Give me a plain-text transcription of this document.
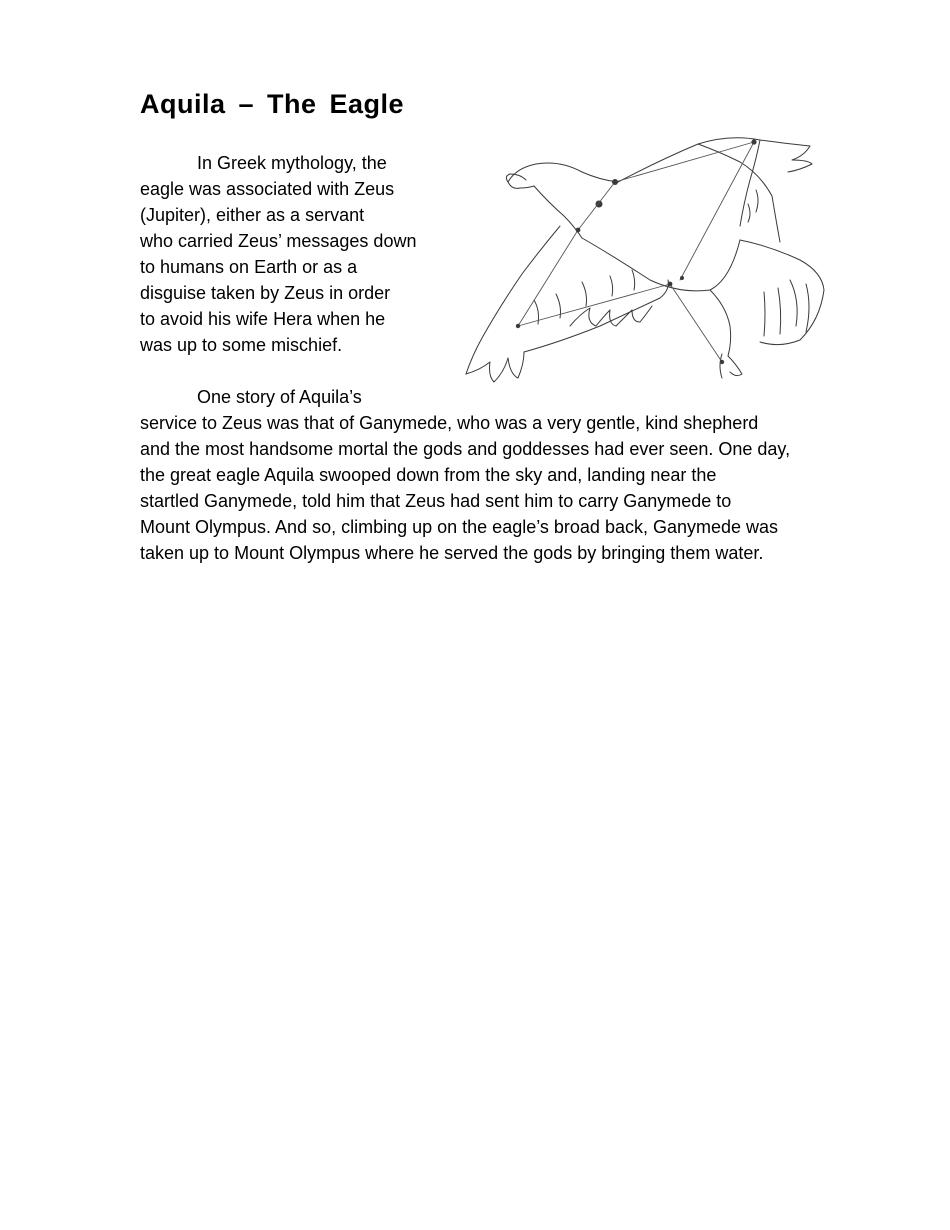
Aquila – The Eagle

In Greek mythology, the

eagle was associated with Zeus

(Jupiter), either as a servant

who carried Zeus’ messages down

to humans on Earth or as a

disguise taken by Zeus in order

to avoid his wife Hera when he

was up to some mischief.

One story of Aquila’s

service to Zeus was that of Ganymede, who was a very gentle, kind shepherd

and the most handsome mortal the gods and goddesses had ever seen. One day,

the great eagle Aquila swooped down from the sky and, landing near the

startled Ganymede, told him that Zeus had sent him to carry Ganymede to

Mount Olympus. And so, climbing up on the eagle’s broad back, Ganymede was

taken up to Mount Olympus where he served the gods by bringing them water.
